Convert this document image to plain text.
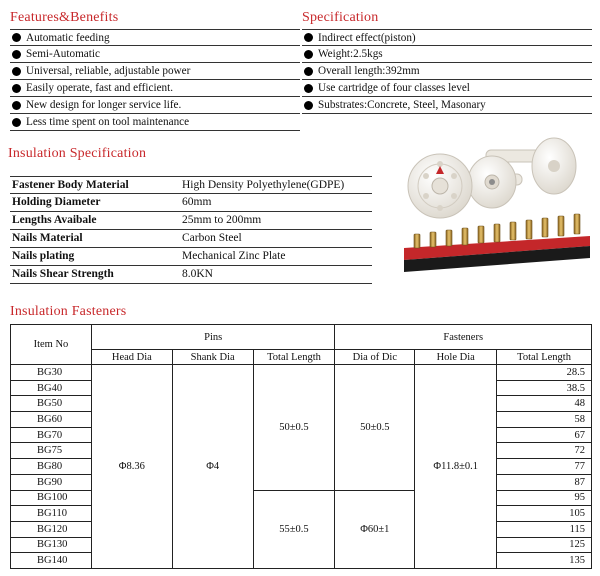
Features&Benefits
Automatic feeding
Semi-Automatic
Universal, reliable, adjustable power
Easily operate, fast and efficient.
New design for longer service life.
Less time spent on tool maintenance
Specification
Indirect effect(piston)
Weight:2.5kgs
Overall length:392mm
Use cartridge of four classes level
Substrates:Concrete, Steel, Masonary
Insulation Specification
Fastener Body Material	High Density Polyethylene(GDPE)
Holding Diameter	60mm
Lengths Avaibale	25mm to 200mm
Nails Material	Carbon Steel
Nails plating	Mechanical Zinc Plate
Nails Shear Strength	8.0KN
Insulation Fasteners
Item No	Pins			Fasteners		
	Head Dia	Shank Dia	Total Length	Dia of Dic	Hole Dia	Total Length
BG30	Φ8.36	Φ4	50±0.5	50±0.5	Φ11.8±0.1	28.5
BG40						38.5
BG50						48
BG60						58
BG70						67
BG75						72
BG80						77
BG90						87
BG100			55±0.5	Φ60±1		95
BG110						105
BG120						115
BG130						125
BG140						135
